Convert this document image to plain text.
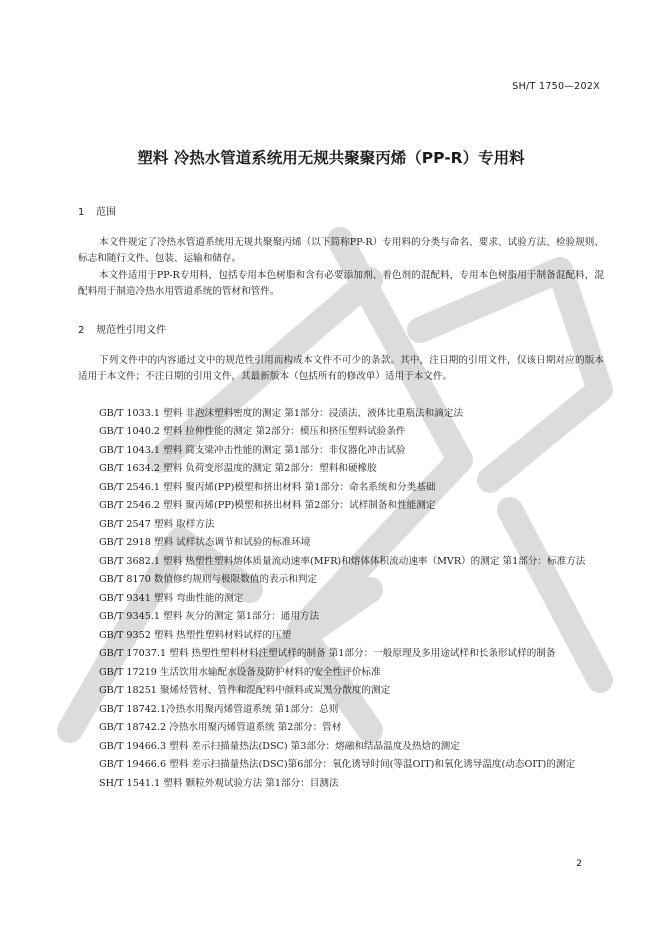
SH/T 1750—202X
塑料 冷热水管道系统用无规共聚聚丙烯（PP-R）专用料
1 范围
本文件规定了冷热水管道系统用无规共聚聚丙烯（以下简称PP-R）专用料的分类与命名、要求、试验方法、检验规则、标志和随行文件、包装、运输和储存。
本文件适用于PP-R专用料，包括专用本色树脂和含有必要添加剂、着色剂的混配料，专用本色树脂用于制备混配料，混配料用于制造冷热水用管道系统的管材和管件。
2 规范性引用文件
下列文件中的内容通过文中的规范性引用而构成本文件不可少的条款。其中，注日期的引用文件，仅该日期对应的版本适用于本文件；不注日期的引用文件，其最新版本（包括所有的修改单）适用于本文件。
GB/T 1033.1 塑料 非泡沫塑料密度的测定 第1部分：浸渍法、液体比重瓶法和滴定法
GB/T 1040.2 塑料 拉伸性能的测定 第2部分：模压和挤压塑料试验条件
GB/T 1043.1 塑料 简支梁冲击性能的测定 第1部分：非仪器化冲击试验
GB/T 1634.2 塑料 负荷变形温度的测定 第2部分：塑料和硬橡胶
GB/T 2546.1 塑料 聚丙烯(PP)模塑和挤出材料 第1部分：命名系统和分类基础
GB/T 2546.2 塑料 聚丙烯(PP)模塑和挤出材料 第2部分：试样制备和性能测定
GB/T 2547 塑料 取样方法
GB/T 2918 塑料 试样状态调节和试验的标准环境
GB/T 3682.1 塑料 热塑性塑料熔体质量流动速率(MFR)和熔体体积流动速率（MVR）的测定 第1部分：标准方法
GB/T 8170 数值修约规则与极限数值的表示和判定
GB/T 9341 塑料 弯曲性能的测定
GB/T 9345.1 塑料 灰分的测定 第1部分：通用方法
GB/T 9352 塑料 热塑性塑料材料试样的压塑
GB/T 17037.1 塑料 热塑性塑料材料注塑试样的制备 第1部分：一般原理及多用途试样和长条形试样的制备
GB/T 17219 生活饮用水输配水设备及防护材料的安全性评价标准
GB/T 18251 聚烯烃管材、管件和混配料中颜料或炭黑分散度的测定
GB/T 18742.1冷热水用聚丙烯管道系统 第1部分：总则
GB/T 18742.2 冷热水用聚丙烯管道系统 第2部分：管材
GB/T 19466.3 塑料 差示扫描量热法(DSC) 第3部分：熔融和结晶温度及热焓的测定
GB/T 19466.6 塑料 差示扫描量热法(DSC)第6部分：氧化诱导时间(等温OIT)和氧化诱导温度(动态OIT)的测定
SH/T 1541.1 塑料 颗粒外观试验方法 第1部分：目测法
2
